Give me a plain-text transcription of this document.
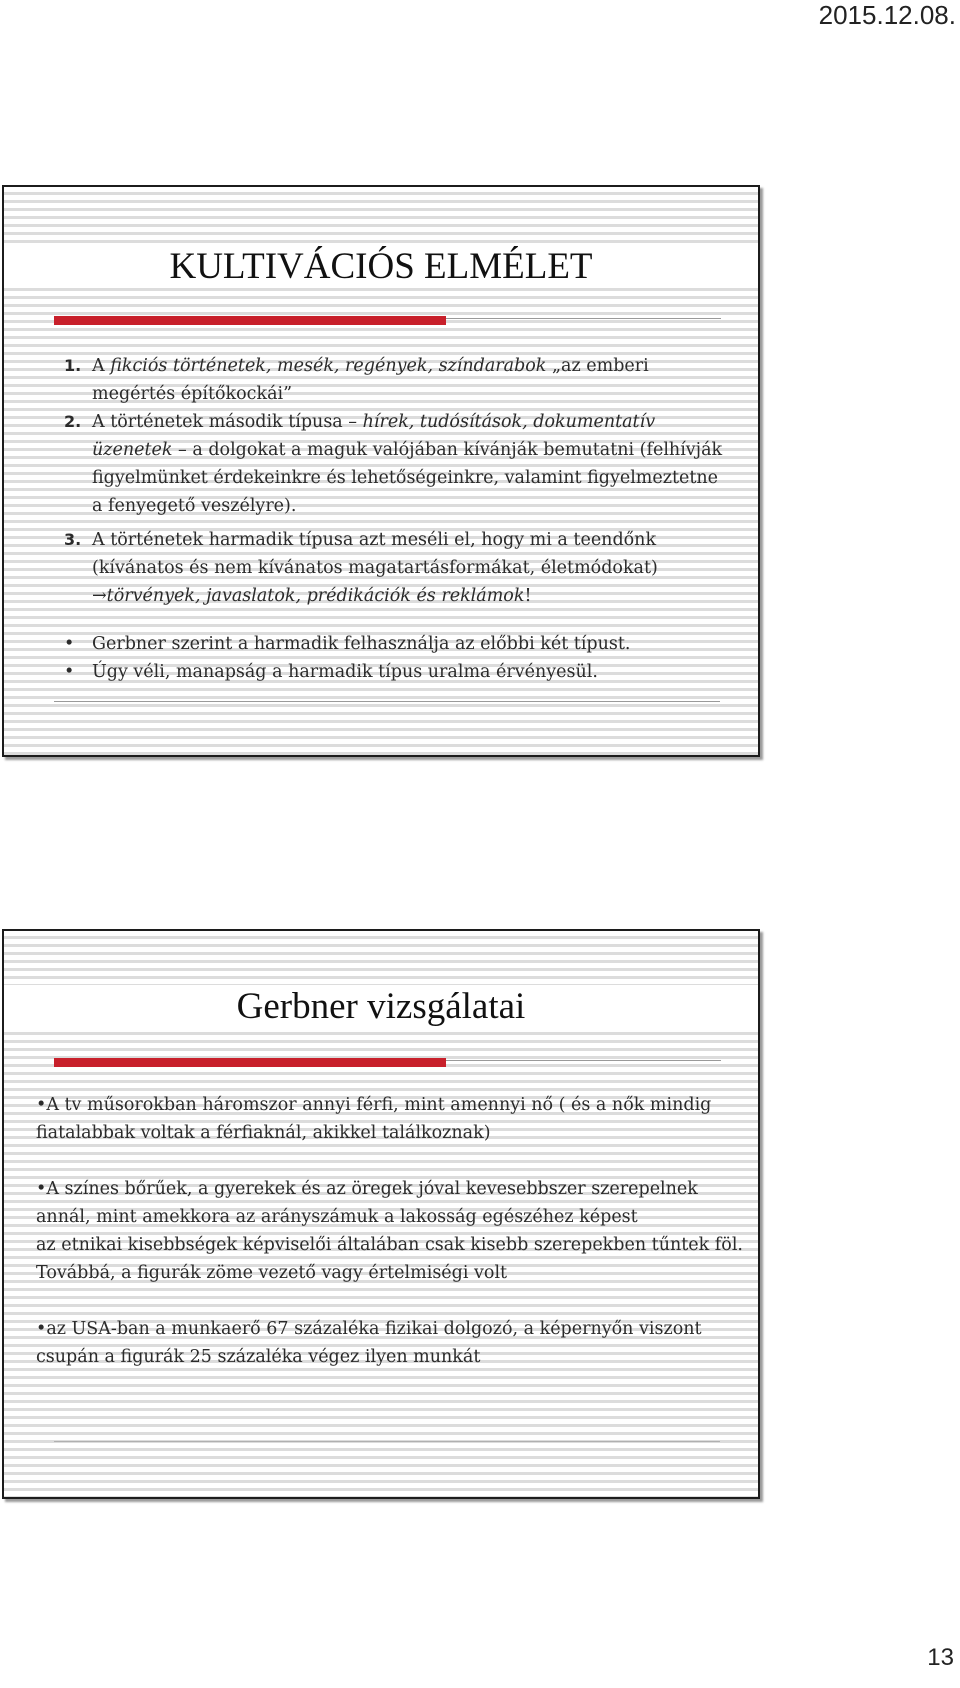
2015.12.08.
KULTIVÁCIÓS ELMÉLET
1. A fikciós történetek, mesék, regények, színdarabok „az emberi megértés építőkockái”
2. A történetek második típusa – hírek, tudósítások, dokumentatív üzenetek – a dolgokat a maguk valójában kívánják bemutatni (felhívják figyelmünket érdekeinkre és lehetőségeinkre, valamint figyelmeztetne a fenyegető veszélyre).
3. A történetek harmadik típusa azt meséli el, hogy mi a teendőnk (kívánatos és nem kívánatos magatartásformákat, életmódokat) →törvények, javaslatok, prédikációk és reklámok!
•	Gerbner szerint a harmadik felhasználja az előbbi két típust.
•	Úgy véli, manapság a harmadik típus uralma érvényesül.
Gerbner vizsgálatai

•A tv műsorokban háromszor annyi férfi, mint amennyi nő ( és a nők mindig fiatalabbak voltak a férfiaknál, akikkel találkoznak)

•A színes bőrűek, a gyerekek és az öregek jóval kevesebbszer szerepelnek annál, mint amekkora az arányszámuk a lakosság egészéhez képest

az etnikai kisebbségek képviselői általában csak kisebb szerepekben tűntek föl. Továbbá, a figurák zöme vezető vagy értelmiségi volt

•az USA-ban a munkaerő 67 százaléka fizikai dolgozó, a képernyőn viszont csupán a figurák 25 százaléka végez ilyen munkát

13
